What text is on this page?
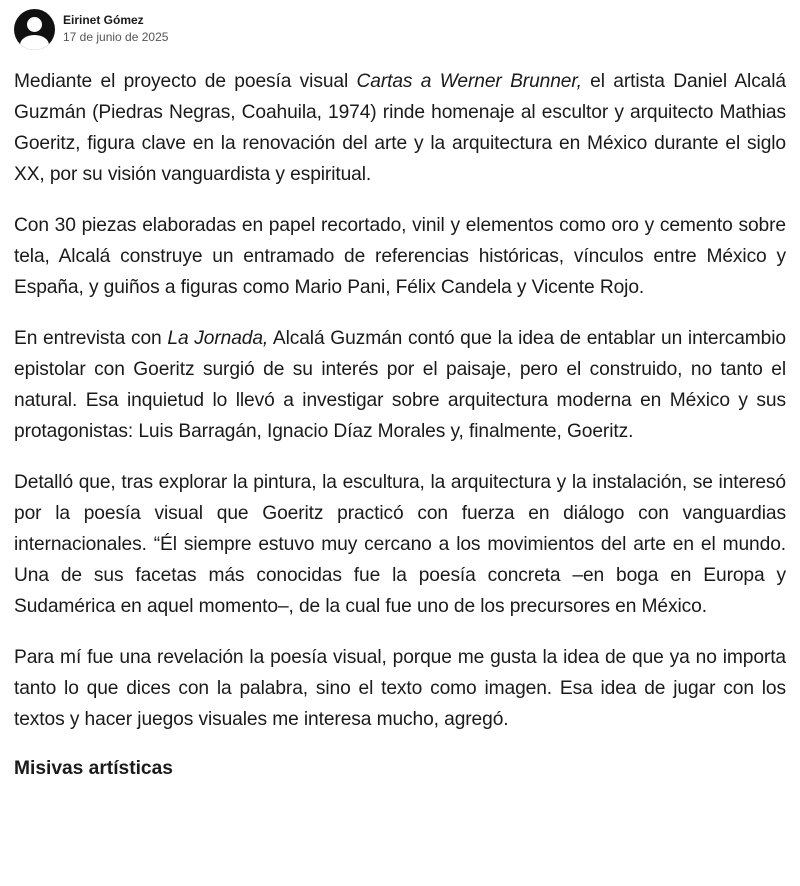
Eirinet Gómez
17 de junio de 2025

Mediante el proyecto de poesía visual Cartas a Werner Brunner, el artista Daniel Alcalá Guzmán (Piedras Negras, Coahuila, 1974) rinde homenaje al escultor y arquitecto Mathias Goeritz, figura clave en la renovación del arte y la arquitectura en México durante el siglo XX, por su visión vanguardista y espiritual.

Con 30 piezas elaboradas en papel recortado, vinil y elementos como oro y cemento sobre tela, Alcalá construye un entramado de referencias históricas, vínculos entre México y España, y guiños a figuras como Mario Pani, Félix Candela y Vicente Rojo.

En entrevista con La Jornada, Alcalá Guzmán contó que la idea de entablar un intercambio epistolar con Goeritz surgió de su interés por el paisaje, pero el construido, no tanto el natural. Esa inquietud lo llevó a investigar sobre arquitectura moderna en México y sus protagonistas: Luis Barragán, Ignacio Díaz Morales y, finalmente, Goeritz.

Detalló que, tras explorar la pintura, la escultura, la arquitectura y la instalación, se interesó por la poesía visual que Goeritz practicó con fuerza en diálogo con vanguardias internacionales. “Él siempre estuvo muy cercano a los movimientos del arte en el mundo. Una de sus facetas más conocidas fue la poesía concreta –en boga en Europa y Sudamérica en aquel momento–, de la cual fue uno de los precursores en México.

Para mí fue una revelación la poesía visual, porque me gusta la idea de que ya no importa tanto lo que dices con la palabra, sino el texto como imagen. Esa idea de jugar con los textos y hacer juegos visuales me interesa mucho, agregó.

Misivas artísticas
